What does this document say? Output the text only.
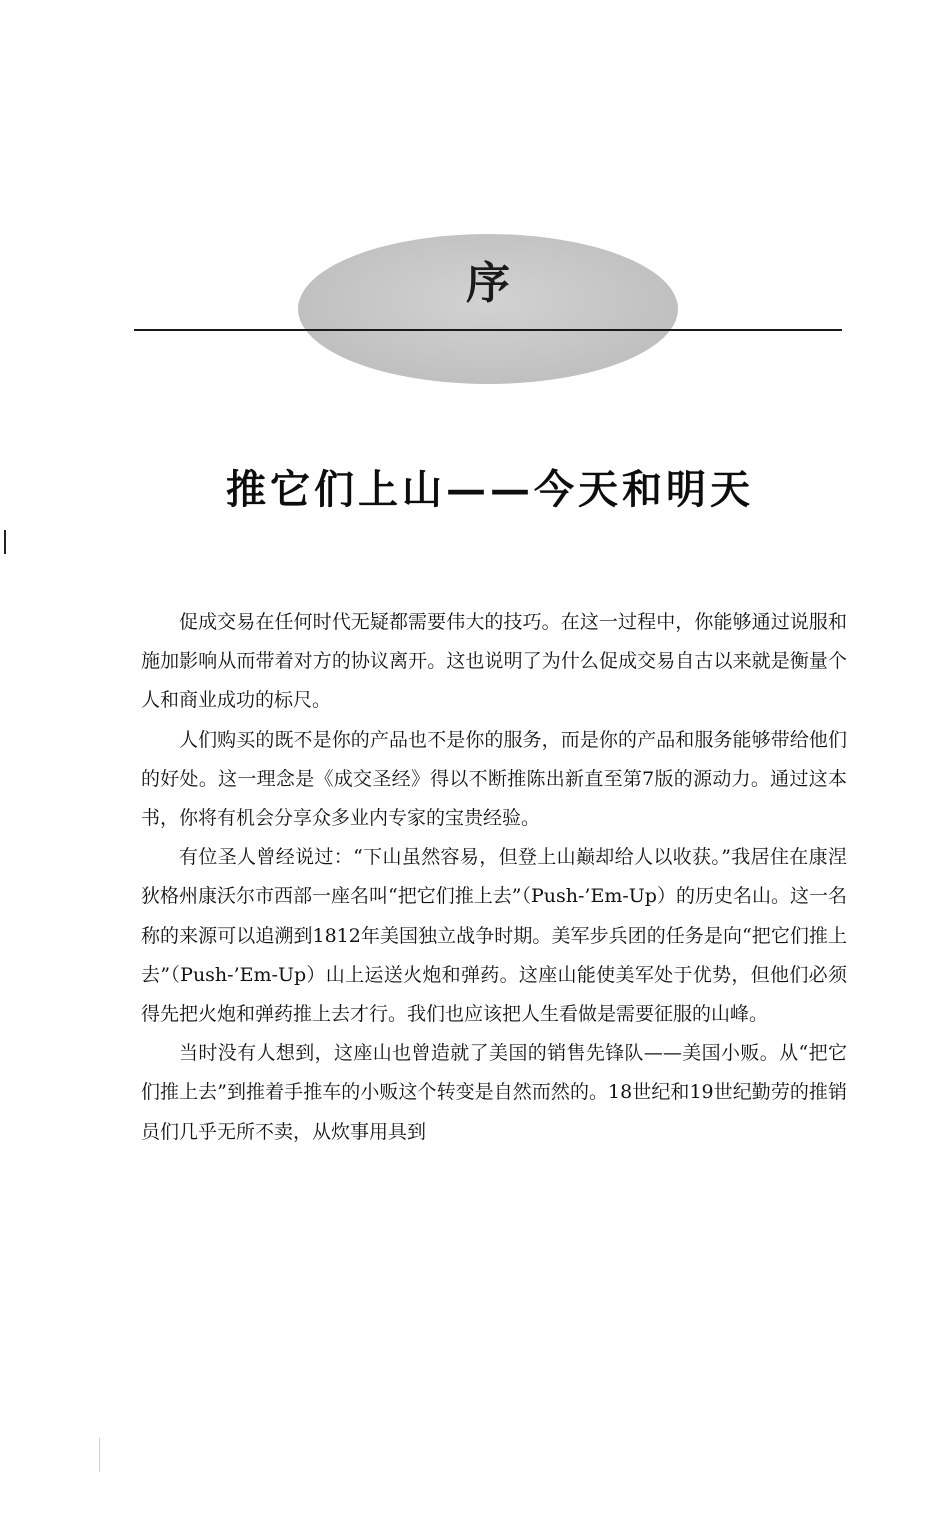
序
推它们上山——今天和明天

促成交易在任何时代无疑都需要伟大的技巧。在这一过程中，你能够通过说服和施加影响从而带着对方的协议离开。这也说明了为什么促成交易自古以来就是衡量个人和商业成功的标尺。

人们购买的既不是你的产品也不是你的服务，而是你的产品和服务能够带给他们的好处。这一理念是《成交圣经》得以不断推陈出新直至第7版的源动力。通过这本书，你将有机会分享众多业内专家的宝贵经验。

有位圣人曾经说过：“下山虽然容易，但登上山巅却给人以收获。”我居住在康涅狄格州康沃尔市西部一座名叫“把它们推上去”（Push-’Em-Up）的历史名山。这一名称的来源可以追溯到1812年美国独立战争时期。美军步兵团的任务是向“把它们推上去”（Push-’Em-Up）山上运送火炮和弹药。这座山能使美军处于优势，但他们必须得先把火炮和弹药推上去才行。我们也应该把人生看做是需要征服的山峰。

当时没有人想到，这座山也曾造就了美国的销售先锋队——美国小贩。从“把它们推上去”到推着手推车的小贩这个转变是自然而然的。18世纪和19世纪勤劳的推销员们几乎无所不卖，从炊事用具到
